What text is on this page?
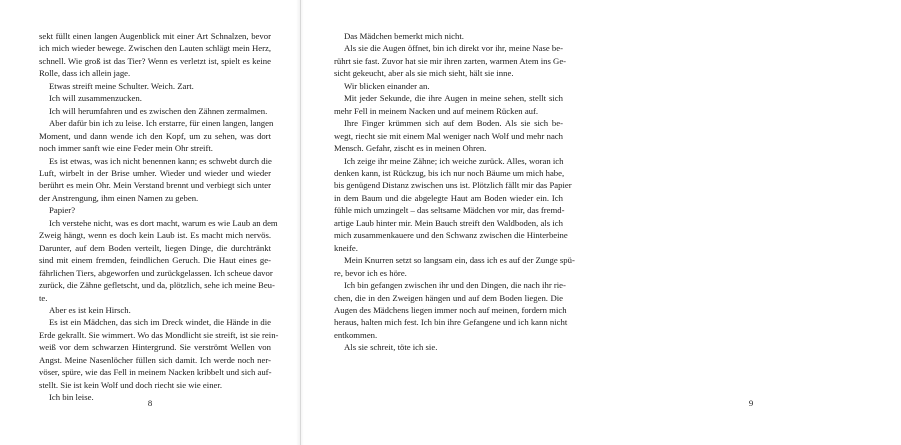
sekt füllt einen langen Augenblick mit einer Art Schnalzen, bevor

ich mich wieder bewege. Zwischen den Lauten schlägt mein Herz,

schnell. Wie groß ist das Tier? Wenn es verletzt ist, spielt es keine

Rolle, dass ich allein jage.

Etwas streift meine Schulter. Weich. Zart.

Ich will zusammenzucken.

Ich will herumfahren und es zwischen den Zähnen zermalmen.

Aber dafür bin ich zu leise. Ich erstarre, für einen langen, langen

Moment, und dann wende ich den Kopf, um zu sehen, was dort

noch immer sanft wie eine Feder mein Ohr streift.

Es ist etwas, was ich nicht benennen kann; es schwebt durch die

Luft, wirbelt in der Brise umher. Wieder und wieder und wieder

berührt es mein Ohr. Mein Verstand brennt und verbiegt sich unter

der Anstrengung, ihm einen Namen zu geben.

Papier?

Ich verstehe nicht, was es dort macht, warum es wie Laub an dem

Zweig hängt, wenn es doch kein Laub ist. Es macht mich nervös.

Darunter, auf dem Boden verteilt, liegen Dinge, die durchtränkt

sind mit einem fremden, feindlichen Geruch. Die Haut eines ge-

fährlichen Tiers, abgeworfen und zurückgelassen. Ich scheue davor

zurück, die Zähne gefletscht, und da, plötzlich, sehe ich meine Beu-

te.

Aber es ist kein Hirsch.

Es ist ein Mädchen, das sich im Dreck windet, die Hände in die

Erde gekrallt. Sie wimmert. Wo das Mondlicht sie streift, ist sie rein-

weiß vor dem schwarzen Hintergrund. Sie verströmt Wellen von

Angst. Meine Nasenlöcher füllen sich damit. Ich werde noch ner-

vöser, spüre, wie das Fell in meinem Nacken kribbelt und sich auf-

stellt. Sie ist kein Wolf und doch riecht sie wie einer.

Ich bin leise.

8

Das Mädchen bemerkt mich nicht.

Als sie die Augen öffnet, bin ich direkt vor ihr, meine Nase be-

rührt sie fast. Zuvor hat sie mir ihren zarten, warmen Atem ins Ge-

sicht gekeucht, aber als sie mich sieht, hält sie inne.

Wir blicken einander an.

Mit jeder Sekunde, die ihre Augen in meine sehen, stellt sich

mehr Fell in meinem Nacken und auf meinem Rücken auf.

Ihre Finger krümmen sich auf dem Boden. Als sie sich be-

wegt, riecht sie mit einem Mal weniger nach Wolf und mehr nach

Mensch. Gefahr, zischt es in meinen Ohren.

Ich zeige ihr meine Zähne; ich weiche zurück. Alles, woran ich

denken kann, ist Rückzug, bis ich nur noch Bäume um mich habe,

bis genügend Distanz zwischen uns ist. Plötzlich fällt mir das Papier

in dem Baum und die abgelegte Haut am Boden wieder ein. Ich

fühle mich umzingelt – das seltsame Mädchen vor mir, das fremd-

artige Laub hinter mir. Mein Bauch streift den Waldboden, als ich

mich zusammenkauere und den Schwanz zwischen die Hinterbeine

kneife.

Mein Knurren setzt so langsam ein, dass ich es auf der Zunge spü-

re, bevor ich es höre.

Ich bin gefangen zwischen ihr und den Dingen, die nach ihr rie-

chen, die in den Zweigen hängen und auf dem Boden liegen. Die

Augen des Mädchens liegen immer noch auf meinen, fordern mich

heraus, halten mich fest. Ich bin ihre Gefangene und ich kann nicht

entkommen.

Als sie schreit, töte ich sie.

9
